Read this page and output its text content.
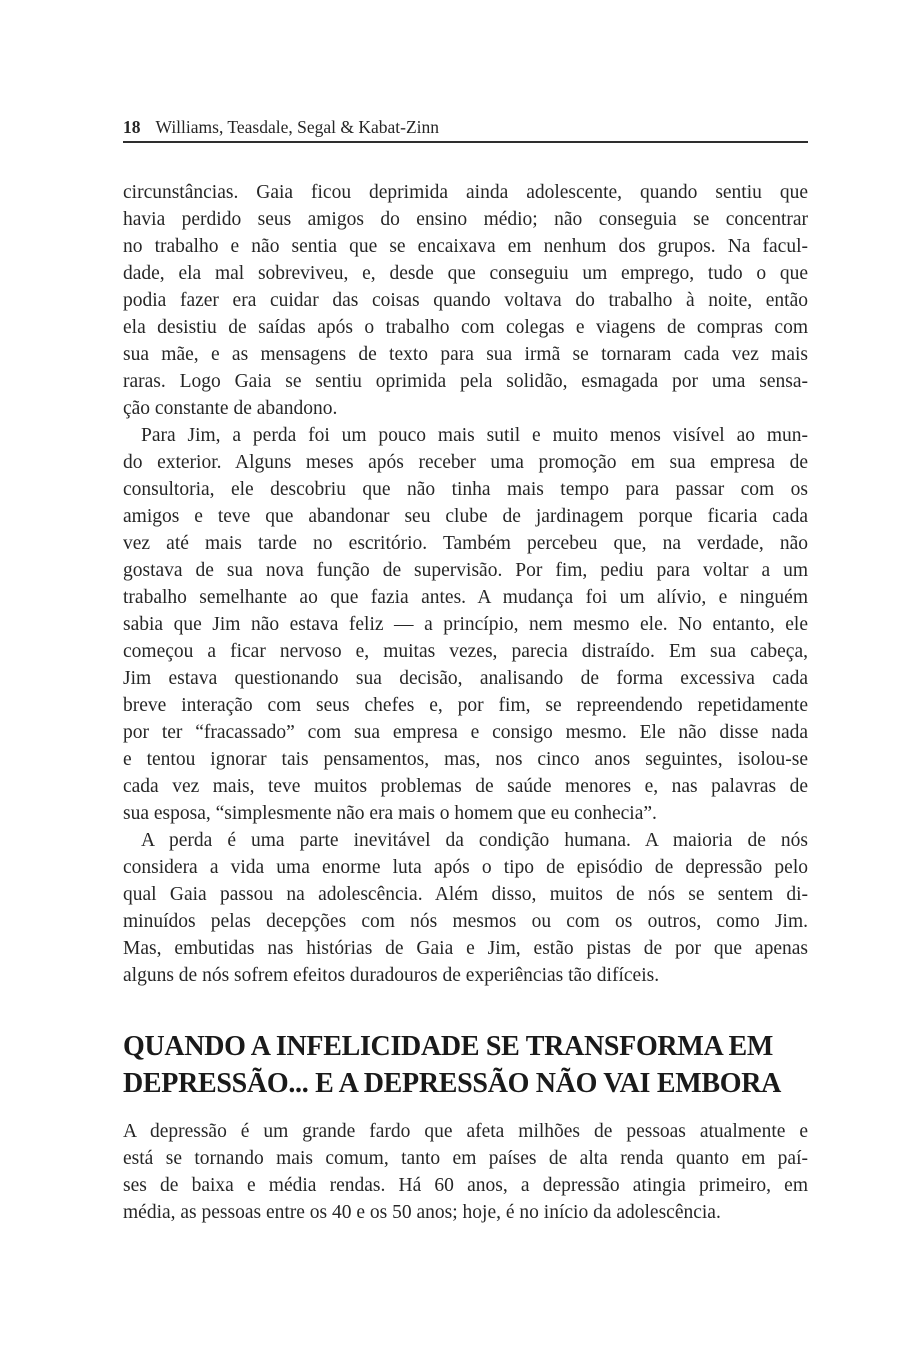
18 Williams, Teasdale, Segal & Kabat-Zinn

circunstâncias. Gaia ficou deprimida ainda adolescente, quando sentiu que
havia perdido seus amigos do ensino médio; não conseguia se concentrar
no trabalho e não sentia que se encaixava em nenhum dos grupos. Na facul-
dade, ela mal sobreviveu, e, desde que conseguiu um emprego, tudo o que
podia fazer era cuidar das coisas quando voltava do trabalho à noite, então
ela desistiu de saídas após o trabalho com colegas e viagens de compras com
sua mãe, e as mensagens de texto para sua irmã se tornaram cada vez mais
raras. Logo Gaia se sentiu oprimida pela solidão, esmagada por uma sensa-
ção constante de abandono.

Para Jim, a perda foi um pouco mais sutil e muito menos visível ao mun-
do exterior. Alguns meses após receber uma promoção em sua empresa de
consultoria, ele descobriu que não tinha mais tempo para passar com os
amigos e teve que abandonar seu clube de jardinagem porque ficaria cada
vez até mais tarde no escritório. Também percebeu que, na verdade, não
gostava de sua nova função de supervisão. Por fim, pediu para voltar a um
trabalho semelhante ao que fazia antes. A mudança foi um alívio, e ninguém
sabia que Jim não estava feliz — a princípio, nem mesmo ele. No entanto, ele
começou a ficar nervoso e, muitas vezes, parecia distraído. Em sua cabeça,
Jim estava questionando sua decisão, analisando de forma excessiva cada
breve interação com seus chefes e, por fim, se repreendendo repetidamente
por ter “fracassado” com sua empresa e consigo mesmo. Ele não disse nada
e tentou ignorar tais pensamentos, mas, nos cinco anos seguintes, isolou-se
cada vez mais, teve muitos problemas de saúde menores e, nas palavras de
sua esposa, “simplesmente não era mais o homem que eu conhecia”.

A perda é uma parte inevitável da condição humana. A maioria de nós
considera a vida uma enorme luta após o tipo de episódio de depressão pelo
qual Gaia passou na adolescência. Além disso, muitos de nós se sentem di-
minuídos pelas decepções com nós mesmos ou com os outros, como Jim.
Mas, embutidas nas histórias de Gaia e Jim, estão pistas de por que apenas
alguns de nós sofrem efeitos duradouros de experiências tão difíceis.

QUANDO A INFELICIDADE SE TRANSFORMA EM
DEPRESSÃO... E A DEPRESSÃO NÃO VAI EMBORA

A depressão é um grande fardo que afeta milhões de pessoas atualmente e
está se tornando mais comum, tanto em países de alta renda quanto em paí-
ses de baixa e média rendas. Há 60 anos, a depressão atingia primeiro, em
média, as pessoas entre os 40 e os 50 anos; hoje, é no início da adolescência.
